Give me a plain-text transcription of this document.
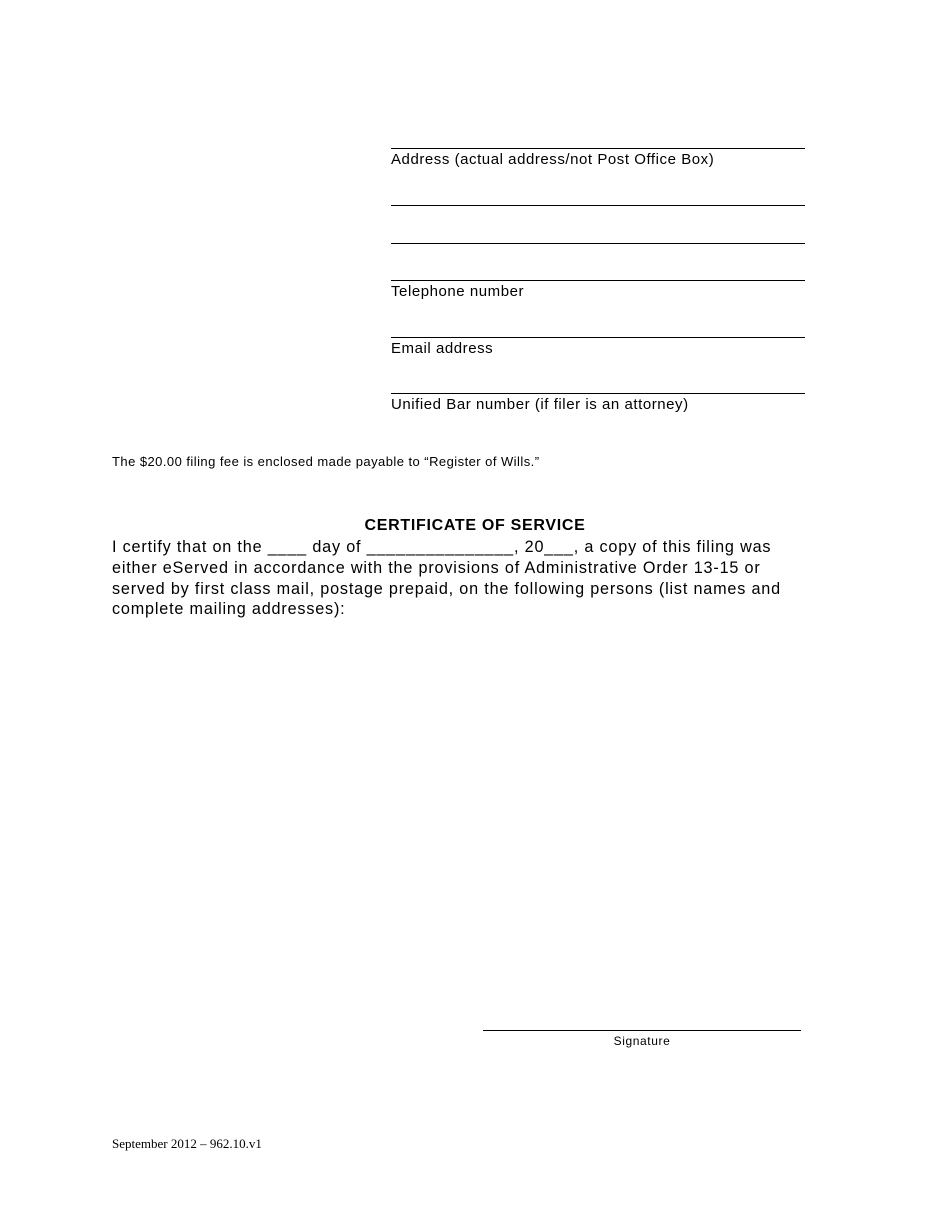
Address (actual address/not Post Office Box)
Telephone number
Email address
Unified Bar number (if filer is an attorney)
The $20.00 filing fee is enclosed made payable to “Register of Wills.”
CERTIFICATE OF SERVICE
I certify that on the ____ day of _______________, 20___, a copy of this filing was
either eServed in accordance with the provisions of Administrative Order 13-15 or
served by first class mail, postage prepaid, on the following persons (list names and
complete mailing addresses):
Signature
September 2012 – 962.10.v1
